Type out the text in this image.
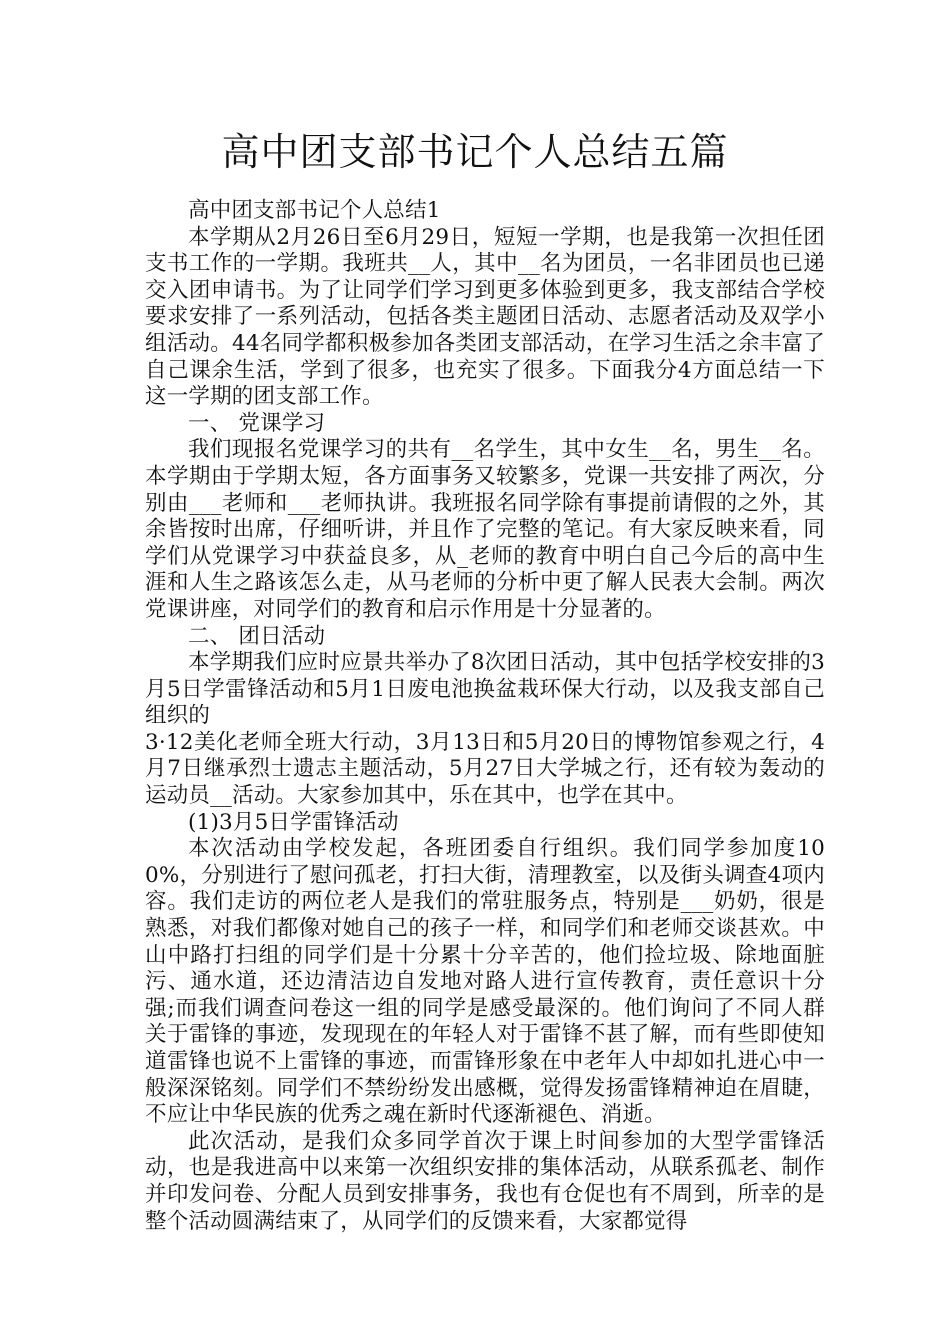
高中团支部书记个人总结五篇

高中团支部书记个人总结1

本学期从2月26日至6月29日，短短一学期，也是我第一次担任团支书工作的一学期。我班共__人，其中__名为团员，一名非团员也已递交入团申请书。为了让同学们学习到更多体验到更多，我支部结合学校要求安排了一系列活动，包括各类主题团日活动、志愿者活动及双学小组活动。44名同学都积极参加各类团支部活动，在学习生活之余丰富了自己课余生活，学到了很多，也充实了很多。下面我分4方面总结一下这一学期的团支部工作。

一、 党课学习

我们现报名党课学习的共有__名学生，其中女生__名，男生__名。本学期由于学期太短，各方面事务又较繁多，党课一共安排了两次，分别由___老师和___老师执讲。我班报名同学除有事提前请假的之外，其余皆按时出席，仔细听讲，并且作了完整的笔记。有大家反映来看，同学们从党课学习中获益良多，从_老师的教育中明白自己今后的高中生涯和人生之路该怎么走，从马老师的分析中更了解人民表大会制。两次党课讲座，对同学们的教育和启示作用是十分显著的。

二、 团日活动

本学期我们应时应景共举办了8次团日活动，其中包括学校安排的3月5日学雷锋活动和5月1日废电池换盆栽环保大行动，以及我支部自己组织的

3·12美化老师全班大行动，3月13日和5月20日的博物馆参观之行，4月7日继承烈士遗志主题活动，5月27日大学城之行，还有较为轰动的运动员__活动。大家参加其中，乐在其中，也学在其中。

(1)3月5日学雷锋活动

本次活动由学校发起，各班团委自行组织。我们同学参加度100%，分别进行了慰问孤老，打扫大街，清理教室，以及街头调查4项内容。我们走访的两位老人是我们的常驻服务点，特别是___奶奶，很是熟悉，对我们都像对她自己的孩子一样，和同学们和老师交谈甚欢。中山中路打扫组的同学们是十分累十分辛苦的，他们捡垃圾、除地面脏污、通水道，还边清洁边自发地对路人进行宣传教育，责任意识十分强;而我们调查问卷这一组的同学是感受最深的。他们询问了不同人群关于雷锋的事迹，发现现在的年轻人对于雷锋不甚了解，而有些即使知道雷锋也说不上雷锋的事迹，而雷锋形象在中老年人中却如扎进心中一般深深铭刻。同学们不禁纷纷发出感概，觉得发扬雷锋精神迫在眉睫，不应让中华民族的优秀之魂在新时代逐渐褪色、消逝。

此次活动，是我们众多同学首次于课上时间参加的大型学雷锋活动，也是我进高中以来第一次组织安排的集体活动，从联系孤老、制作并印发问卷、分配人员到安排事务，我也有仓促也有不周到，所幸的是整个活动圆满结束了，从同学们的反馈来看，大家都觉得
